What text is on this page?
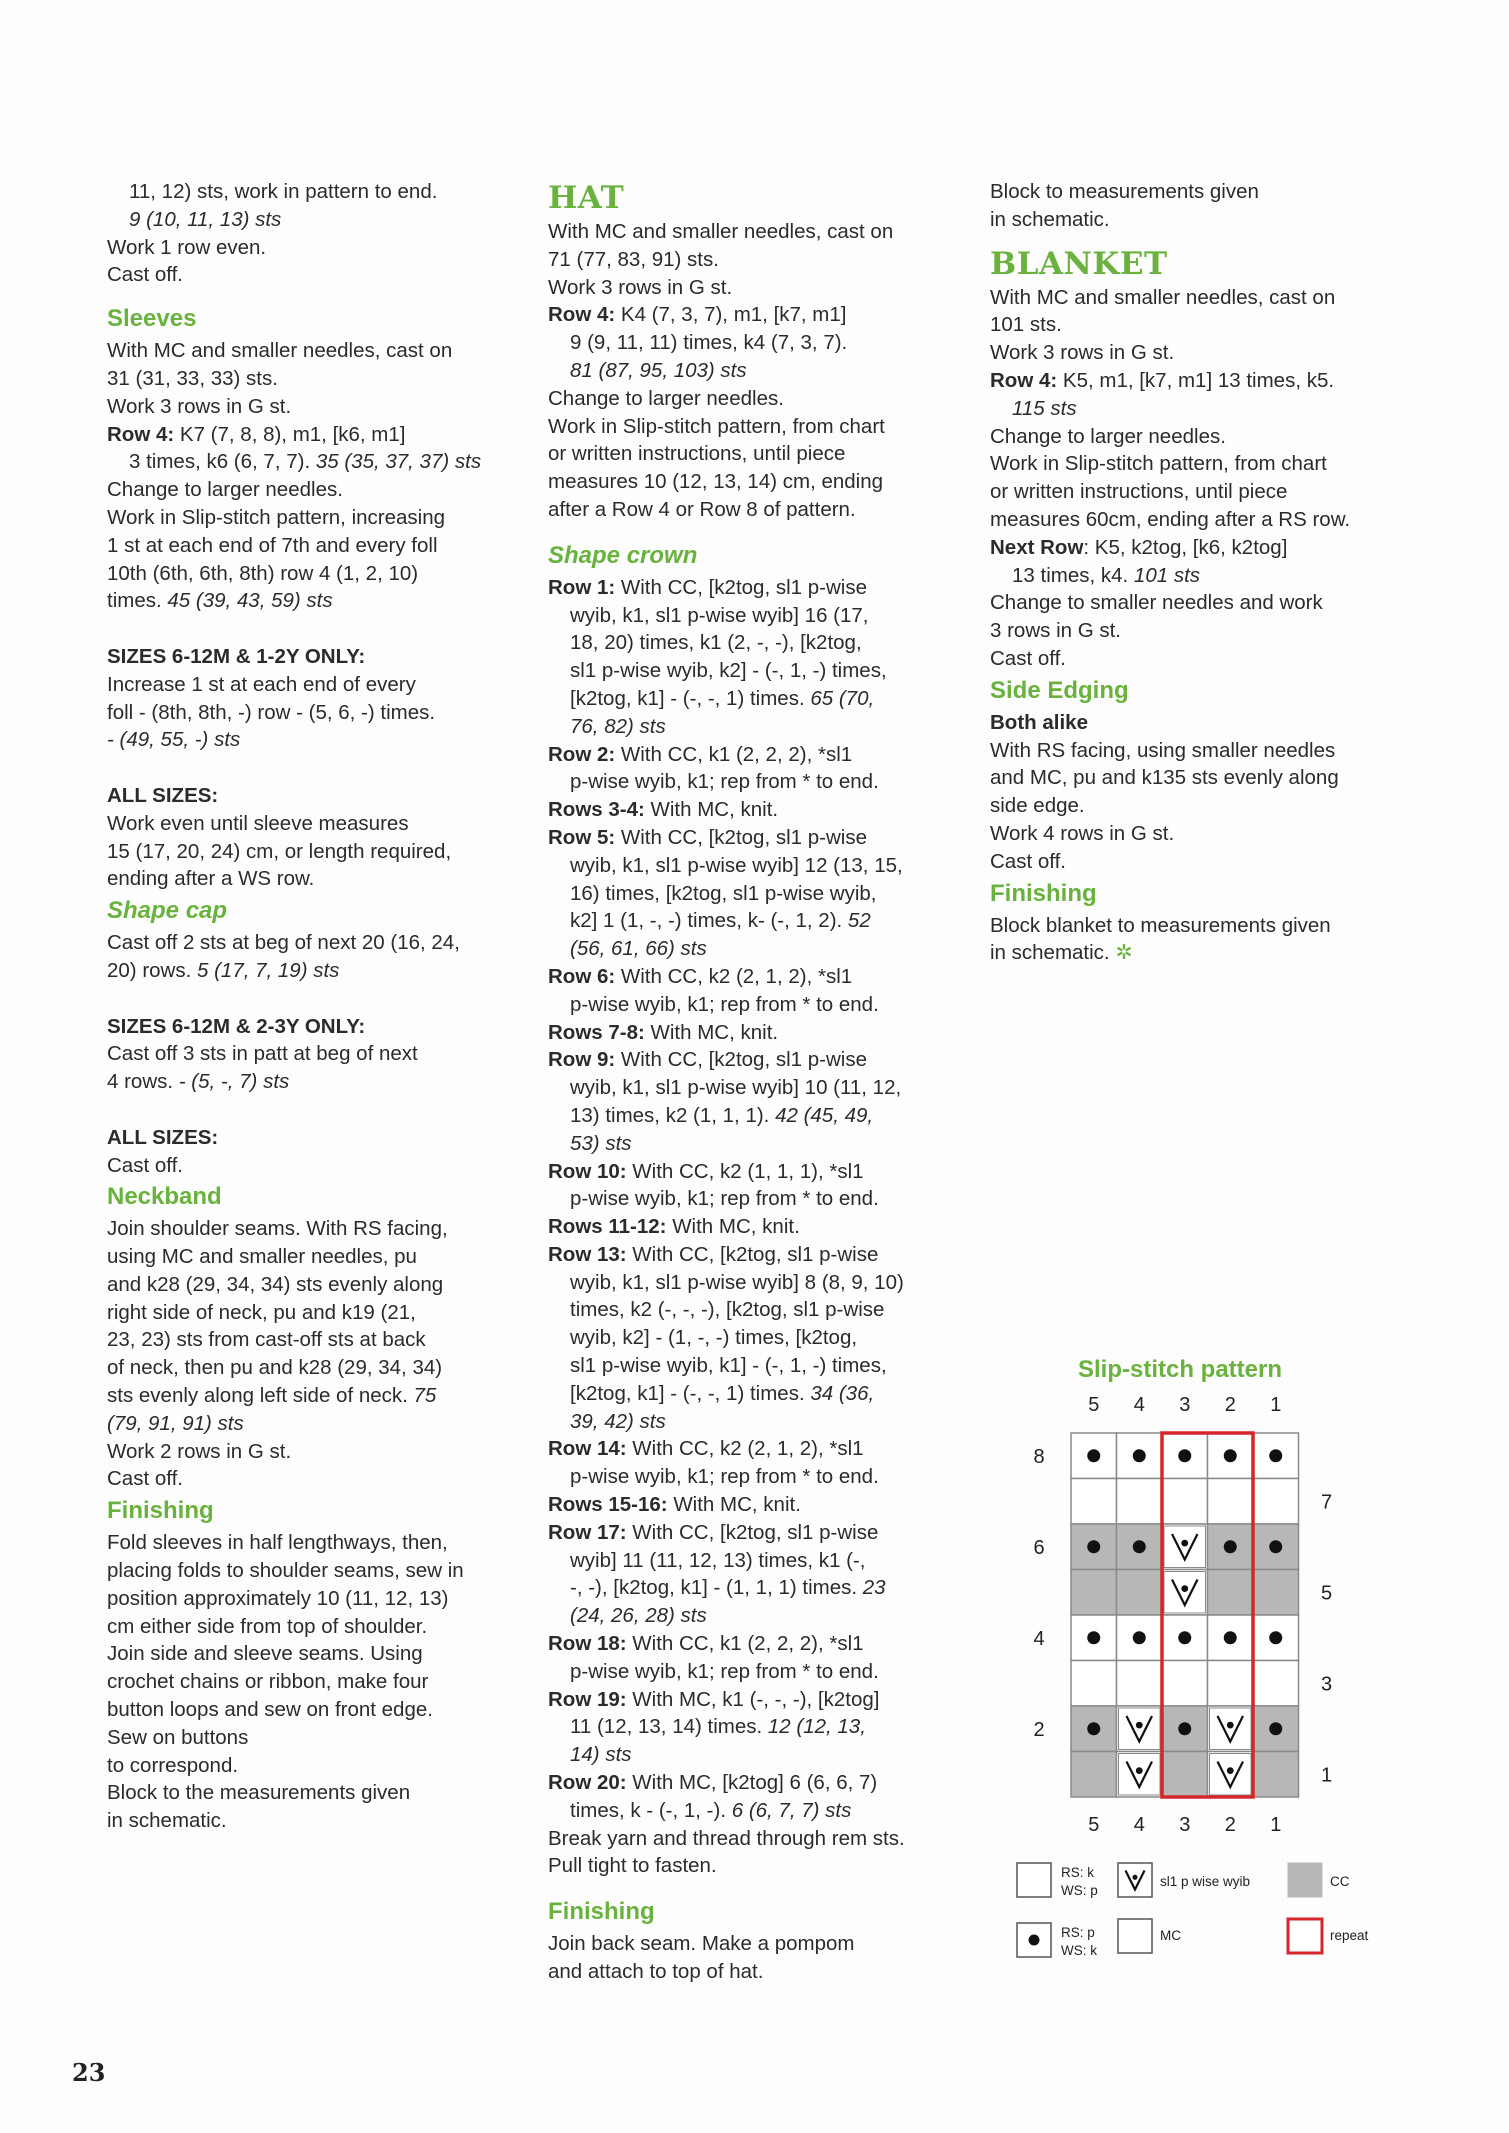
11, 12) sts, work in pattern to end.

9 (10, 11, 13) sts

Work 1 row even.

Cast off.

Sleeves

With MC and smaller needles, cast on

31 (31, 33, 33) sts.

Work 3 rows in G st.

Row 4: K7 (7, 8, 8), m1, [k6, m1]

3 times, k6 (6, 7, 7). 35 (35, 37, 37) sts

Change to larger needles.

Work in Slip-stitch pattern, increasing

1 st at each end of 7th and every foll

10th (6th, 6th, 8th) row 4 (1, 2, 10)

times. 45 (39, 43, 59) sts

SIZES 6-12M & 1-2Y ONLY:

Increase 1 st at each end of every

foll - (8th, 8th, -) row - (5, 6, -) times.

- (49, 55, -) sts

ALL SIZES:

Work even until sleeve measures

15 (17, 20, 24) cm, or length required,

ending after a WS row.

Shape cap

Cast off 2 sts at beg of next 20 (16, 24,

20) rows. 5 (17, 7, 19) sts

SIZES 6-12M & 2-3Y ONLY:

Cast off 3 sts in patt at beg of next

4 rows. - (5, -, 7) sts

ALL SIZES:

Cast off.

Neckband

Join shoulder seams. With RS facing,

using MC and smaller needles, pu

and k28 (29, 34, 34) sts evenly along

right side of neck, pu and k19 (21,

23, 23) sts from cast-off sts at back

of neck, then pu and k28 (29, 34, 34)

sts evenly along left side of neck. 75

(79, 91, 91) sts

Work 2 rows in G st.

Cast off.

Finishing

Fold sleeves in half lengthways, then,

placing folds to shoulder seams, sew in

position approximately 10 (11, 12, 13)

cm either side from top of shoulder.

Join side and sleeve seams. Using

crochet chains or ribbon, make four

button loops and sew on front edge.

Sew on buttons

to correspond.

Block to the measurements given

in schematic.

HAT

With MC and smaller needles, cast on

71 (77, 83, 91) sts.

Work 3 rows in G st.

Row 4: K4 (7, 3, 7), m1, [k7, m1]

9 (9, 11, 11) times, k4 (7, 3, 7).

81 (87, 95, 103) sts

Change to larger needles.

Work in Slip-stitch pattern, from chart

or written instructions, until piece

measures 10 (12, 13, 14) cm, ending

after a Row 4 or Row 8 of pattern.

Shape crown

Row 1: With CC, [k2tog, sl1 p-wise

wyib, k1, sl1 p-wise wyib] 16 (17,

18, 20) times, k1 (2, -, -), [k2tog,

sl1 p-wise wyib, k2] - (-, 1, -) times,

[k2tog, k1] - (-, -, 1) times. 65 (70,

76, 82) sts

Row 2: With CC, k1 (2, 2, 2), *sl1

p-wise wyib, k1; rep from * to end.

Rows 3-4: With MC, knit.

Row 5: With CC, [k2tog, sl1 p-wise

wyib, k1, sl1 p-wise wyib] 12 (13, 15,

16) times, [k2tog, sl1 p-wise wyib,

k2] 1 (1, -, -) times, k- (-, 1, 2). 52

(56, 61, 66) sts

Row 6: With CC, k2 (2, 1, 2), *sl1

p-wise wyib, k1; rep from * to end.

Rows 7-8: With MC, knit.

Row 9: With CC, [k2tog, sl1 p-wise

wyib, k1, sl1 p-wise wyib] 10 (11, 12,

13) times, k2 (1, 1, 1). 42 (45, 49,

53) sts

Row 10: With CC, k2 (1, 1, 1), *sl1

p-wise wyib, k1; rep from * to end.

Rows 11-12: With MC, knit.

Row 13: With CC, [k2tog, sl1 p-wise

wyib, k1, sl1 p-wise wyib] 8 (8, 9, 10)

times, k2 (-, -, -), [k2tog, sl1 p-wise

wyib, k2] - (1, -, -) times, [k2tog,

sl1 p-wise wyib, k1] - (-, 1, -) times,

[k2tog, k1] - (-, -, 1) times. 34 (36,

39, 42) sts

Row 14: With CC, k2 (2, 1, 2), *sl1

p-wise wyib, k1; rep from * to end.

Rows 15-16: With MC, knit.

Row 17: With CC, [k2tog, sl1 p-wise

wyib] 11 (11, 12, 13) times, k1 (-,

-, -), [k2tog, k1] - (1, 1, 1) times. 23

(24, 26, 28) sts

Row 18: With CC, k1 (2, 2, 2), *sl1

p-wise wyib, k1; rep from * to end.

Row 19: With MC, k1 (-, -, -), [k2tog]

11 (12, 13, 14) times. 12 (12, 13,

14) sts

Row 20: With MC, [k2tog] 6 (6, 6, 7)

times, k - (-, 1, -). 6 (6, 7, 7) sts

Break yarn and thread through rem sts.

Pull tight to fasten.

Finishing

Join back seam. Make a pompom

and attach to top of hat.

Block to measurements given

in schematic.

BLANKET

With MC and smaller needles, cast on

101 sts.

Work 3 rows in G st.

Row 4: K5, m1, [k7, m1] 13 times, k5.

115 sts

Change to larger needles.

Work in Slip-stitch pattern, from chart

or written instructions, until piece

measures 60cm, ending after a RS row.

Next Row: K5, k2tog, [k6, k2tog]

13 times, k4. 101 sts

Change to smaller needles and work

3 rows in G st.

Cast off.

Side Edging

Both alike

With RS facing, using smaller needles

and MC, pu and k135 sts evenly along

side edge.

Work 4 rows in G st.

Cast off.

Finishing

Block blanket to measurements given

in schematic. ✲

Slip-stitch pattern
5
5
4
4
3
3
2
2
1
1
8
6
4
2
7
5
3
1
RS: k
WS: p
sl1 p wise wyib	CC
RS: p
WS: k
MC	repeat
23
